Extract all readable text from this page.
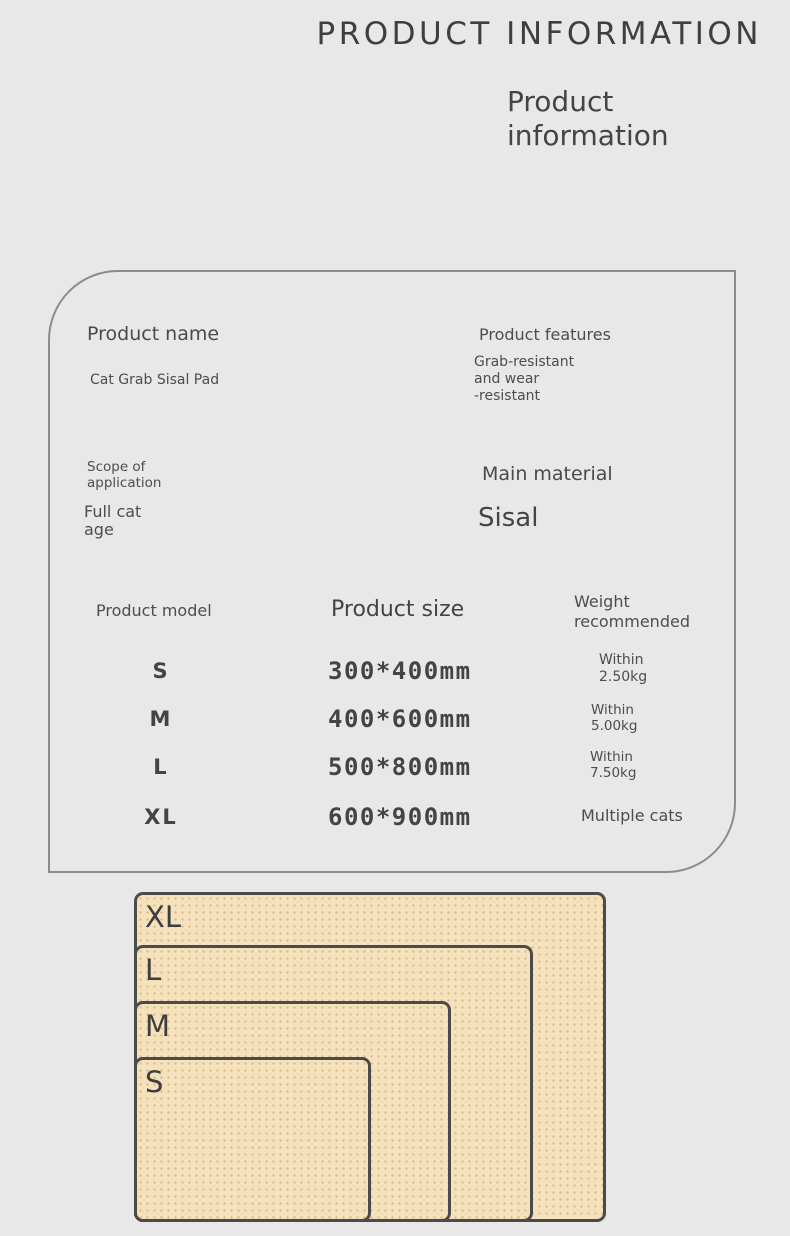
PRODUCT INFORMATION
Product
information
Product name
Cat Grab Sisal Pad
Product features
Grab-resistant
and wear
-resistant
Scope of
application
Full cat
age
Main material
Sisal
Product model	Product size	Weight
recommended
S	300*400mm	Within
2.50kg
M	400*600mm	Within
5.00kg
L	500*800mm	Within
7.50kg
XL	600*900mm	Multiple cats
XL
L
M
S
